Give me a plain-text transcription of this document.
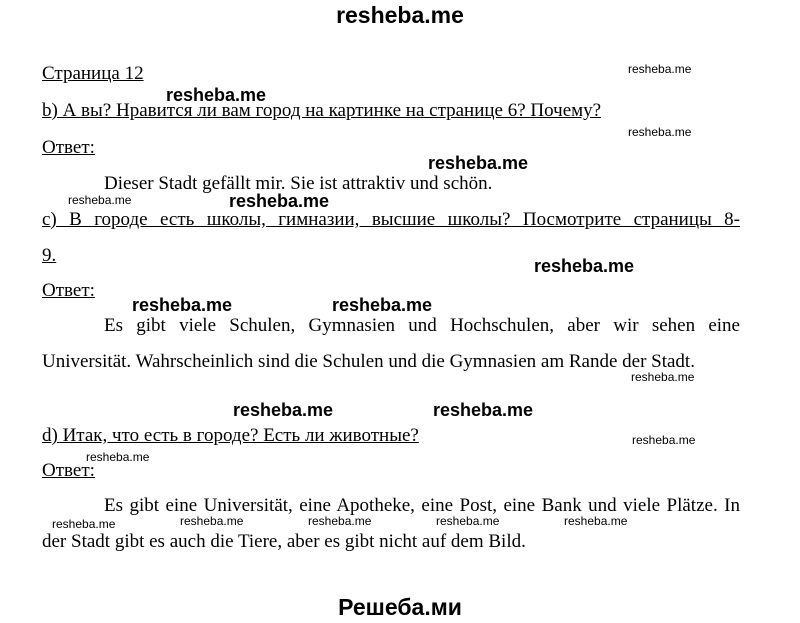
resheba.me
Страница 12
b) А вы? Нравится ли вам город на картинке на странице 6? Почему?
Ответ:
Dieser Stadt gefällt mir. Sie ist attraktiv und schön.
c) В городе есть школы, гимназии, высшие школы? Посмотрите страницы 8-
9.
Ответ:
Es gibt viele Schulen, Gymnasien und Hochschulen, aber wir sehen eine Universität. Wahrscheinlich sind die Schulen und die Gymnasien am Rande der Stadt.
d) Итак, что есть в городе? Есть ли животные?
Ответ:
Es gibt eine Universität, eine Apotheke, eine Post, eine Bank und viele Plätze. In der Stadt gibt es auch die Tiere, aber es gibt nicht auf dem Bild.
resheba.me
resheba.me
resheba.me
resheba.me
resheba.me	resheba.me
resheba.me	resheba.me
resheba.me
resheba.me
resheba.me
resheba.me
resheba.me
resheba.me
resheba.me	resheba.me	resheba.me	resheba.me	resheba.me
Решеба.ми
